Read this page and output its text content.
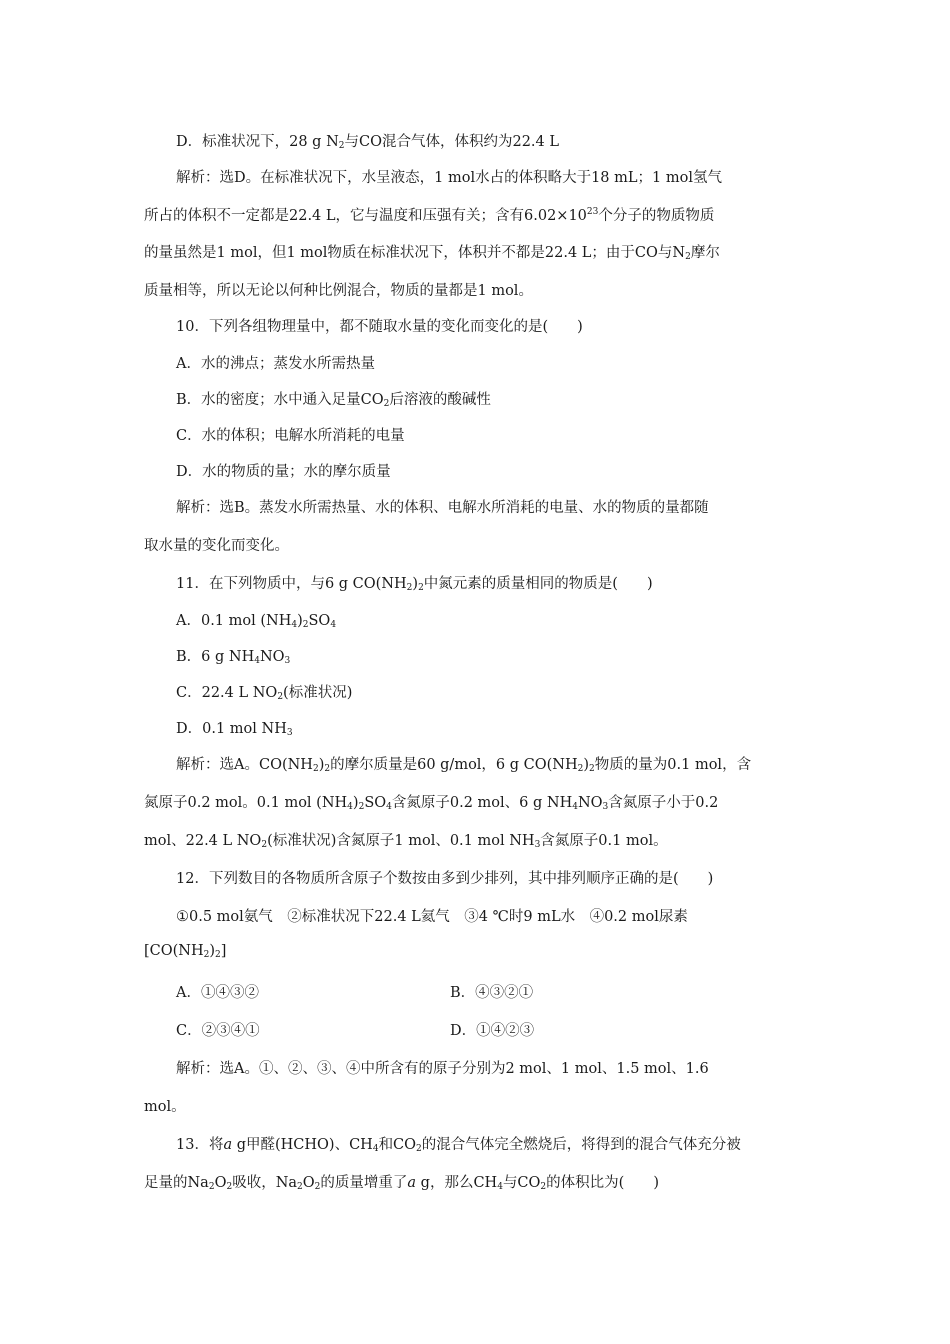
D．标准状况下，28 g $N_2$与CO混合气体，体积约为22.4 L
解析：选D。在标准状况下，水呈液态，1 mol水占的体积略大于18 mL；1 mol氢气
所占的体积不一定都是22.4 L，它与温度和压强有关；含有$6.02\times 10^{23}$个分子的物质物质
的量虽然是1 mol，但1 mol物质在标准状况下，体积并不都是22.4 L；由于CO与$N_2$摩尔
质量相等，所以无论以何种比例混合，物质的量都是1 mol。
10．下列各组物理量中，都不随取水量的变化而变化的是(　　)
A．水的沸点；蒸发水所需热量
B．水的密度；水中通入足量$CO_2$后溶液的酸碱性
C．水的体积；电解水所消耗的电量
D．水的物质的量；水的摩尔质量
解析：选B。蒸发水所需热量、水的体积、电解水所消耗的电量、水的物质的量都随
取水量的变化而变化。
11．在下列物质中，与6 g $CO(NH_2)_2$中氮元素的质量相同的物质是(　　)
A．0.1 mol $(NH_4)_2SO_4$
B．6 g $NH_4NO_3$
C．22.4 L $NO_2$(标准状况)
D．0.1 mol $NH_3$
解析：选A。$CO(NH_2)_2$的摩尔质量是60 g/mol，6 g $CO(NH_2)_2$物质的量为0.1 mol，含
氮原子0.2 mol。0.1 mol $(NH_4)_2SO_4$含氮原子0.2 mol、6 g $NH_4NO_3$含氮原子小于0.2
mol、22.4 L $NO_2$(标准状况)含氮原子1 mol、0.1 mol $NH_3$含氮原子0.1 mol。
12．下列数目的各物质所含原子个数按由多到少排列，其中排列顺序正确的是(　　)
①0.5 mol氨气　②标准状况下22.4 L氦气　③4 ℃时9 mL水　④0.2 mol尿素
$[CO(NH_2)_2]$
A．①④③②	B．④③②①
C．②③④①	D．①④②③
解析：选A。①、②、③、④中所含有的原子分别为2 mol、1 mol、1.5 mol、1.6
mol。
13．将a g甲醛(HCHO)、$CH_4$和$CO_2$的混合气体完全燃烧后，将得到的混合气体充分被
足量的$Na_2O_2$吸收，$Na_2O_2$的质量增重了a g，那么$CH_4$与$CO_2$的体积比为(　　)
